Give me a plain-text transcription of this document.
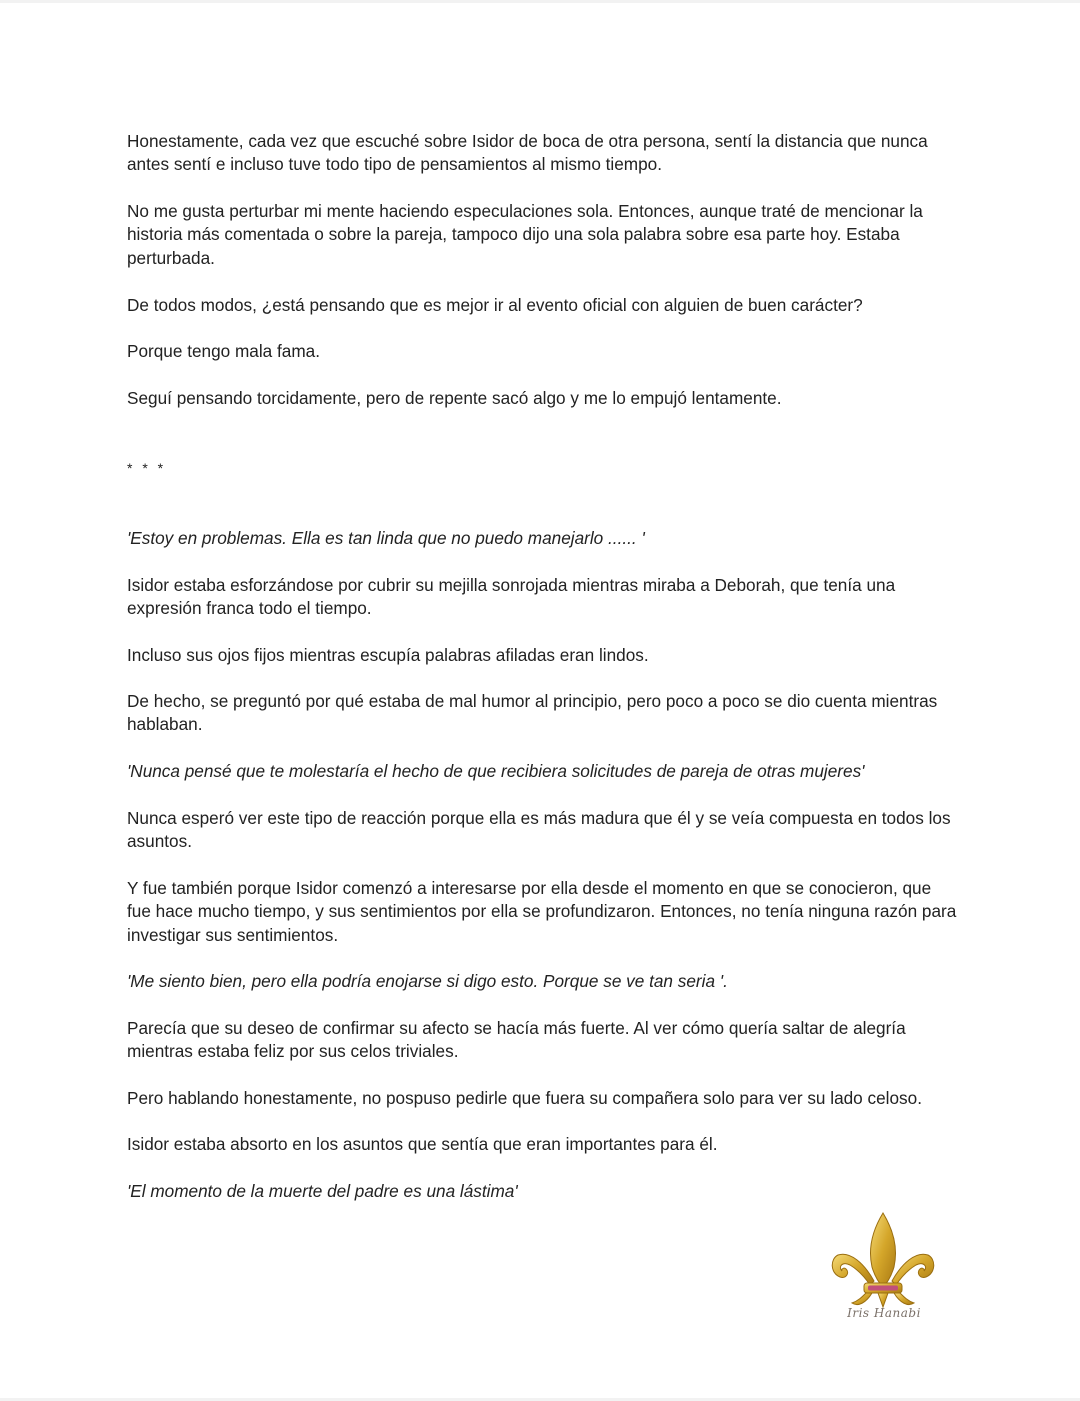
Honestamente, cada vez que escuché sobre Isidor de boca de otra persona, sentí la distancia que nunca antes sentí e incluso tuve todo tipo de pensamientos al mismo tiempo.

No me gusta perturbar mi mente haciendo especulaciones sola. Entonces, aunque traté de mencionar la historia más comentada o sobre la pareja, tampoco dijo una sola palabra sobre esa parte hoy. Estaba perturbada.

De todos modos, ¿está pensando que es mejor ir al evento oficial con alguien de buen carácter?

Porque tengo mala fama.

Seguí pensando torcidamente, pero de repente sacó algo y me lo empujó lentamente.

* * *

'Estoy en problemas. Ella es tan linda que no puedo manejarlo ...... '

Isidor estaba esforzándose por cubrir su mejilla sonrojada mientras miraba a Deborah, que tenía una expresión franca todo el tiempo.

Incluso sus ojos fijos mientras escupía palabras afiladas eran lindos.

De hecho, se preguntó por qué estaba de mal humor al principio, pero poco a poco se dio cuenta mientras hablaban.

'Nunca pensé que te molestaría el hecho de que recibiera solicitudes de pareja de otras mujeres'

Nunca esperó ver este tipo de reacción porque ella es más madura que él y se veía compuesta en todos los asuntos.

Y fue también porque Isidor comenzó a interesarse por ella desde el momento en que se conocieron, que fue hace mucho tiempo, y sus sentimientos por ella se profundizaron. Entonces, no tenía ninguna razón para investigar sus sentimientos.

'Me siento bien, pero ella podría enojarse si digo esto. Porque se ve tan seria '.

Parecía que su deseo de confirmar su afecto se hacía más fuerte. Al ver cómo quería saltar de alegría mientras estaba feliz por sus celos triviales.

Pero hablando honestamente, no pospuso pedirle que fuera su compañera solo para ver su lado celoso.

Isidor estaba absorto en los asuntos que sentía que eran importantes para él.

'El momento de la muerte del padre es una lástima'

Iris Hanabi
